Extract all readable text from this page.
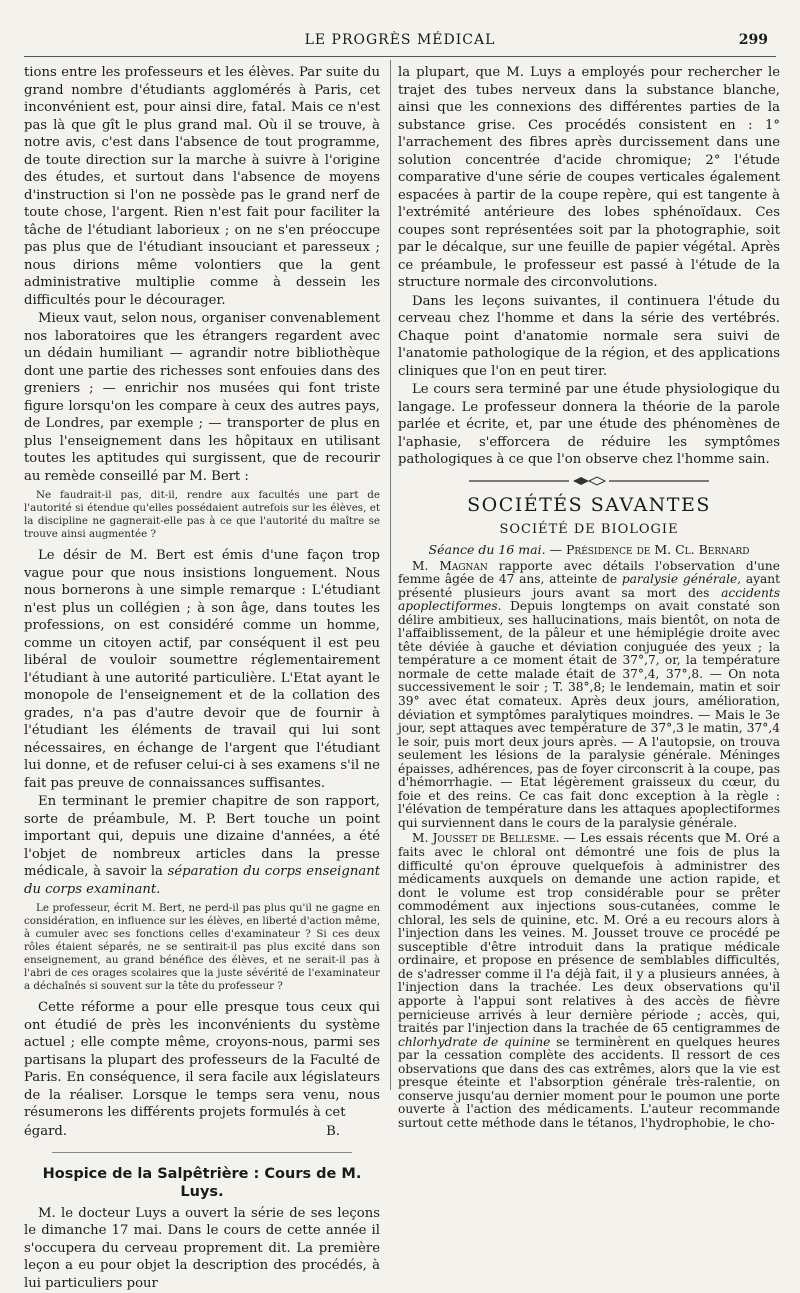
LE PROGRÈS MÉDICAL	299

tions entre les professeurs et les élèves. Par suite du grand nombre d'étudiants agglomérés à Paris, cet inconvénient est, pour ainsi dire, fatal. Mais ce n'est pas là que gît le plus grand mal. Où il se trouve, à notre avis, c'est dans l'absence de tout programme, de toute direction sur la marche à suivre à l'origine des études, et surtout dans l'absence de moyens d'instruction si l'on ne possède pas le grand nerf de toute chose, l'argent. Rien n'est fait pour faciliter la tâche de l'étudiant laborieux ; on ne s'en préoccupe pas plus que de l'étudiant insouciant et paresseux ; nous dirions même volontiers que la gent administrative multiplie comme à dessein les difficultés pour le décourager.

Mieux vaut, selon nous, organiser convenablement nos laboratoires que les étrangers regardent avec un dédain humiliant — agrandir notre bibliothèque dont une partie des richesses sont enfouies dans des greniers ; — enrichir nos musées qui font triste figure lorsqu'on les compare à ceux des autres pays, de Londres, par exemple ; — transporter de plus en plus l'enseignement dans les hôpitaux en utilisant toutes les aptitudes qui surgissent, que de recourir au remède conseillé par M. Bert :

Ne faudrait-il pas, dit-il, rendre aux facultés une part de l'autorité si étendue qu'elles possédaient autrefois sur les élèves, et la discipline ne gagnerait-elle pas à ce que l'autorité du maître se trouve ainsi augmentée ?

Le désir de M. Bert est émis d'une façon trop vague pour que nous insistions longuement. Nous nous bornerons à une simple remarque : L'étudiant n'est plus un collégien ; à son âge, dans toutes les professions, on est considéré comme un homme, comme un citoyen actif, par conséquent il est peu libéral de vouloir soumettre réglementairement l'étudiant à une autorité particulière. L'Etat ayant le monopole de l'enseignement et de la collation des grades, n'a pas d'autre devoir que de fournir à l'étudiant les éléments de travail qui lui sont nécessaires, en échange de l'argent que l'étudiant lui donne, et de refuser celui-ci à ses examens s'il ne fait pas preuve de connaissances suffisantes.

En terminant le premier chapitre de son rapport, sorte de préambule, M. P. Bert touche un point important qui, depuis une dizaine d'années, a été l'objet de nombreux articles dans la presse médicale, à savoir la séparation du corps enseignant du corps examinant.

Le professeur, écrit M. Bert, ne perd-il pas plus qu'il ne gagne en considération, en influence sur les élèves, en liberté d'action même, à cumuler avec ses fonctions celles d'examinateur ? Si ces deux rôles étaient séparés, ne se sentirait-il pas plus excité dans son enseignement, au grand bénéfice des élèves, et ne serait-il pas à l'abri de ces orages scolaires que la juste sévérité de l'examinateur a déchaînés si souvent sur la tête du professeur ?

Cette réforme a pour elle presque tous ceux qui ont étudié de près les inconvénients du système actuel ; elle compte même, croyons-nous, parmi ses partisans la plupart des professeurs de la Faculté de Paris. En conséquence, il sera facile aux législateurs de la réaliser. Lorsque le temps sera venu, nous résumerons les différents projets formulés à cet

égard.	B.
Hospice de la Salpêtrière : Cours de M. Luys.

M. le docteur Luys a ouvert la série de ses leçons le dimanche 17 mai. Dans le cours de cette année il s'occupera du cerveau proprement dit. La première leçon a eu pour objet la description des procédés, à lui particuliers pour

la plupart, que M. Luys a employés pour rechercher le trajet des tubes nerveux dans la substance blanche, ainsi que les connexions des différentes parties de la substance grise. Ces procédés consistent en : 1° l'arrachement des fibres après durcissement dans une solution concentrée d'acide chromique; 2° l'étude comparative d'une série de coupes verticales également espacées à partir de la coupe repère, qui est tangente à l'extrémité antérieure des lobes sphénoïdaux. Ces coupes sont représentées soit par la photographie, soit par le décalque, sur une feuille de papier végétal. Après ce préambule, le professeur est passé à l'étude de la structure normale des circonvolutions.

Dans les leçons suivantes, il continuera l'étude du cerveau chez l'homme et dans la série des vertébrés. Chaque point d'anatomie normale sera suivi de l'anatomie pathologique de la région, et des applications cliniques que l'on en peut tirer.

Le cours sera terminé par une étude physiologique du langage. Le professeur donnera la théorie de la parole parlée et écrite, et, par une étude des phénomènes de l'aphasie, s'efforcera de réduire les symptômes pathologiques à ce que l'on observe chez l'homme sain.

SOCIÉTÉS SAVANTES
SOCIÉTÉ DE BIOLOGIE
Séance du 16 mai. — Présidence de M. Cl. Bernard

M. Magnan rapporte avec détails l'observation d'une femme âgée de 47 ans, atteinte de paralysie générale, ayant présenté plusieurs jours avant sa mort des accidents apoplectiformes. Depuis longtemps on avait constaté son délire ambitieux, ses hallucinations, mais bientôt, on nota de l'affaiblissement, de la pâleur et une hémiplégie droite avec tête déviée à gauche et déviation conjuguée des yeux ; la température a ce moment était de 37°,7, or, la température normale de cette malade était de 37°,4, 37°,8. — On nota successivement le soir ; T. 38°,8; le lendemain, matin et soir 39° avec état comateux. Après deux jours, amélioration, déviation et symptômes paralytiques moindres. — Mais le 3e jour, sept attaques avec température de 37°,3 le matin, 37°,4 le soir, puis mort deux jours après. — A l'autopsie, on trouva seulement les lésions de la paralysie générale. Méninges épaisses, adhérences, pas de foyer circonscrit à la coupe, pas d'hémorrhagie. — Etat légèrement graisseux du cœur, du foie et des reins. Ce cas fait donc exception à la règle : l'élévation de température dans les attaques apoplectiformes qui surviennent dans le cours de la paralysie générale.

M. Jousset de Bellesme. — Les essais récents que M. Oré a faits avec le chloral ont démontré une fois de plus la difficulté qu'on éprouve quelquefois à administrer des médicaments auxquels on demande une action rapide, et dont le volume est trop considérable pour se prêter commodément aux injections sous-cutanées, comme le chloral, les sels de quinine, etc. M. Oré a eu recours alors à l'injection dans les veines. M. Jousset trouve ce procédé pe susceptible d'être introduit dans la pratique médicale ordinaire, et propose en présence de semblables difficultés, de s'adresser comme il l'a déjà fait, il y a plusieurs années, à l'injection dans la trachée. Les deux observations qu'il apporte à l'appui sont relatives à des accès de fièvre pernicieuse arrivés à leur dernière période ; accès, qui, traités par l'injection dans la trachée de 65 centigrammes de chlorhydrate de quinine se terminèrent en quelques heures par la cessation complète des accidents. Il ressort de ces observations que dans des cas extrêmes, alors que la vie est presque éteinte et l'absorption générale très-ralentie, on conserve jusqu'au dernier moment pour le poumon une porte ouverte à l'action des médicaments. L'auteur recommande surtout cette méthode dans le tétanos, l'hydrophobie, le cho-
